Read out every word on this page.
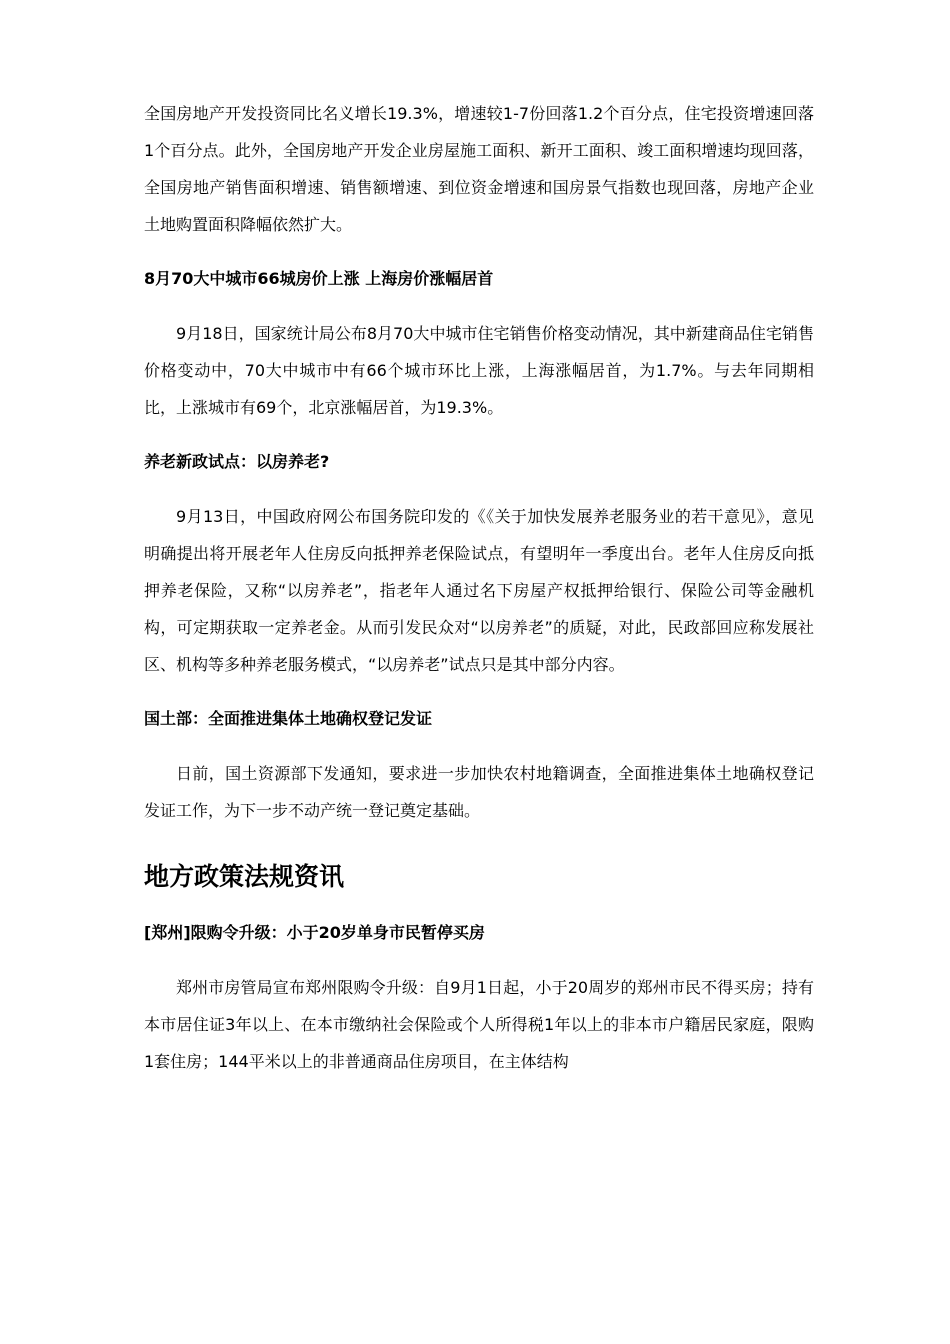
全国房地产开发投资同比名义增长19.3%，增速较1-7份回落1.2个百分点，住宅投资增速回落1个百分点。此外，全国房地产开发企业房屋施工面积、新开工面积、竣工面积增速均现回落，全国房地产销售面积增速、销售额增速、到位资金增速和国房景气指数也现回落，房地产企业土地购置面积降幅依然扩大。

8月70大中城市66城房价上涨 上海房价涨幅居首

9月18日，国家统计局公布8月70大中城市住宅销售价格变动情况，其中新建商品住宅销售价格变动中，70大中城市中有66个城市环比上涨，上海涨幅居首，为1.7%。与去年同期相比，上涨城市有69个，北京涨幅居首，为19.3%。

养老新政试点：以房养老?

9月13日，中国政府网公布国务院印发的《《关于加快发展养老服务业的若干意见》，意见明确提出将开展老年人住房反向抵押养老保险试点，有望明年一季度出台。老年人住房反向抵押养老保险，又称“以房养老”，指老年人通过名下房屋产权抵押给银行、保险公司等金融机构，可定期获取一定养老金。从而引发民众对“以房养老”的质疑，对此，民政部回应称发展社区、机构等多种养老服务模式，“以房养老”试点只是其中部分内容。

国土部：全面推进集体土地确权登记发证

日前，国土资源部下发通知，要求进一步加快农村地籍调查，全面推进集体土地确权登记发证工作，为下一步不动产统一登记奠定基础。

地方政策法规资讯

[郑州]限购令升级：小于20岁单身市民暂停买房

郑州市房管局宣布郑州限购令升级：自9月1日起，小于20周岁的郑州市民不得买房；持有本市居住证3年以上、在本市缴纳社会保险或个人所得税1年以上的非本市户籍居民家庭，限购1套住房；144平米以上的非普通商品住房项目，在主体结构
